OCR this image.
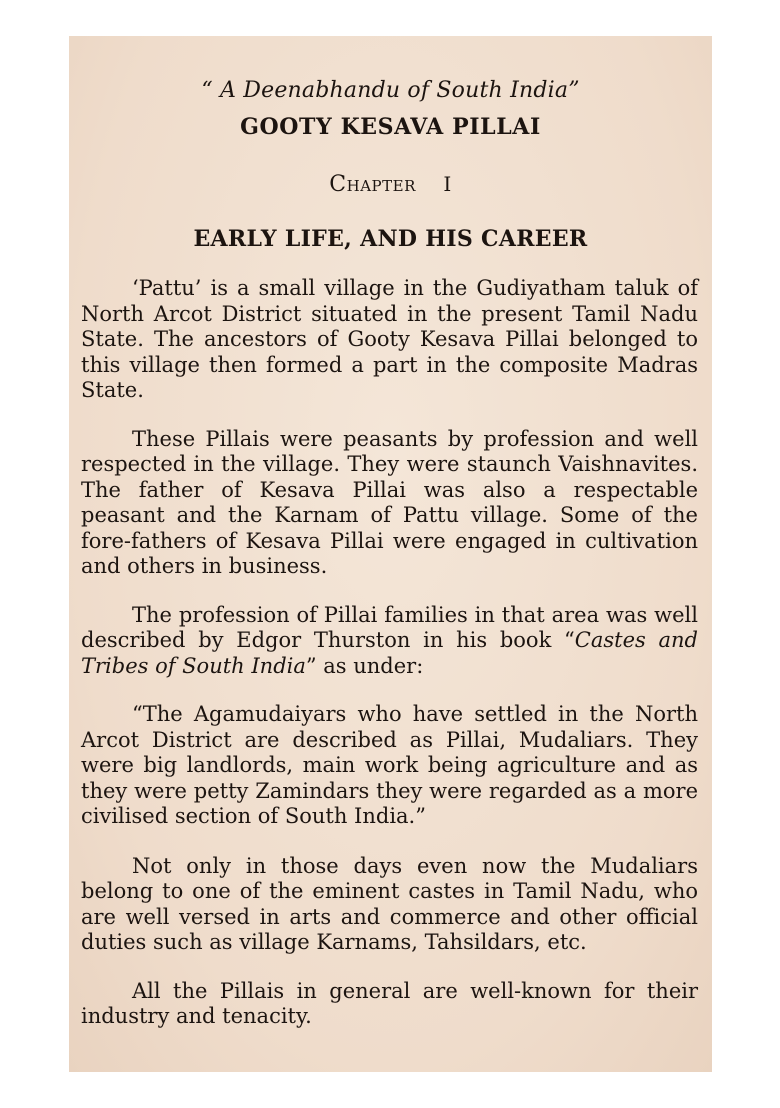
“ A Deenabhandu of South India”
GOOTY KESAVA PILLAI
Chapter I
EARLY LIFE, AND HIS CAREER

‘Pattu’ is a small village in the Gudiyatham taluk of North Arcot District situated in the present Tamil Nadu State. The ancestors of Gooty Kesava Pillai belonged to this village then formed a part in the composite Madras State.

These Pillais were peasants by profession and well respected in the village. They were staunch Vaishnavites. The father of Kesava Pillai was also a respectable peasant and the Karnam of Pattu village. Some of the fore-fathers of Kesava Pillai were engaged in cultivation and others in business.

The profession of Pillai families in that area was well described by Edgor Thurston in his book “Castes and Tribes of South India” as under:

“The Agamudaiyars who have settled in the North Arcot District are described as Pillai, Mudaliars. They were big landlords, main work being agriculture and as they were petty Zamindars they were regarded as a more civilised section of South India.”

Not only in those days even now the Mudaliars belong to one of the eminent castes in Tamil Nadu, who are well versed in arts and commerce and other official duties such as village Karnams, Tahsildars, etc.

All the Pillais in general are well-known for their industry and tenacity.
